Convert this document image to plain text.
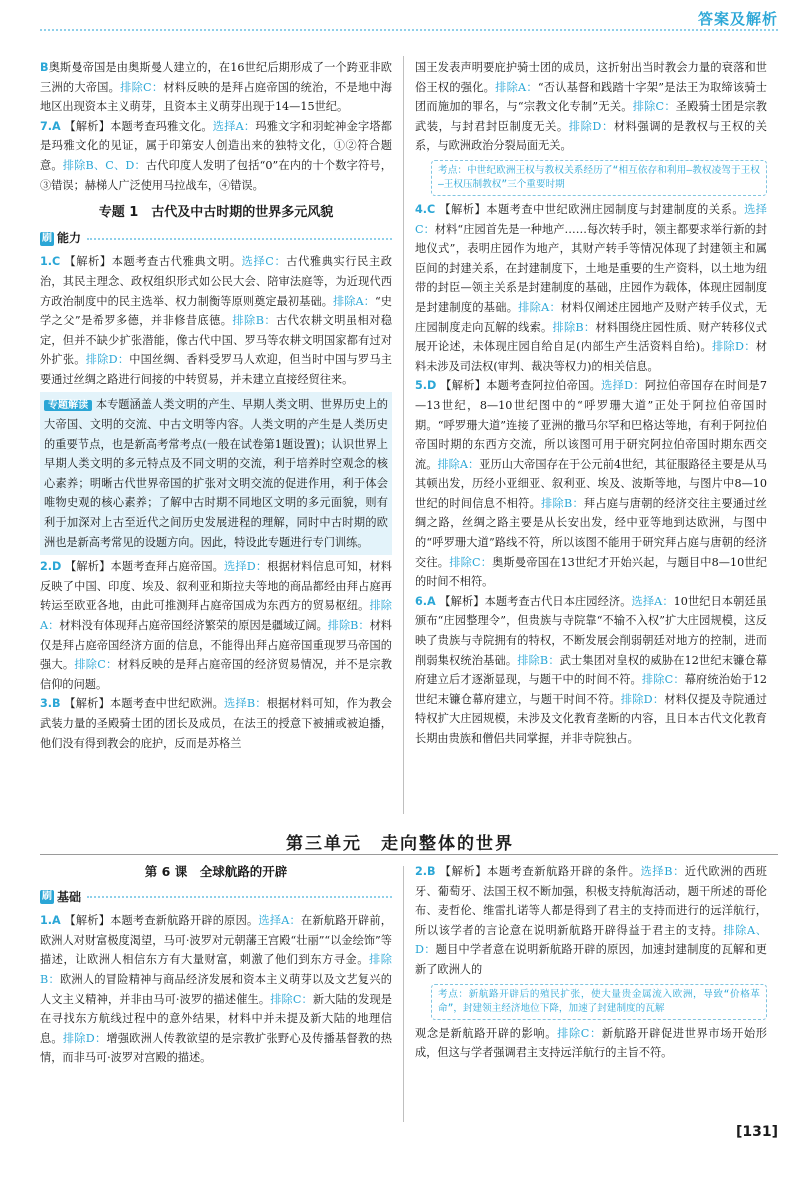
答案及解析

B奥斯曼帝国是由奥斯曼人建立的，在16世纪后期形成了一个跨亚非欧三洲的大帝国。排除C：材料反映的是拜占庭帝国的统治，不是地中海地区出现资本主义萌芽，且资本主义萌芽出现于14—15世纪。

7.A 【解析】本题考查玛雅文化。选择A：玛雅文字和羽蛇神金字塔都是玛雅文化的见证，属于印第安人创造出来的独特文化，①②符合题意。排除B、C、D：古代印度人发明了包括“0”在内的十个数字符号，③错误；赫梯人广泛使用马拉战车，④错误。

专题 1　古代及中古时期的世界多元风貌
刷 能力

1.C 【解析】本题考查古代雅典文明。选择C：古代雅典实行民主政治，其民主理念、政权组织形式如公民大会、陪审法庭等，为近现代西方政治制度中的民主选举、权力制衡等原则奠定最初基础。排除A：“史学之父”是希罗多德，并非修昔底德。排除B：古代农耕文明虽相对稳定，但并不缺少扩张潜能，像古代中国、罗马等农耕文明国家都有过对外扩张。排除D：中国丝绸、香料受罗马人欢迎，但当时中国与罗马主要通过丝绸之路进行间接的中转贸易，并未建立直接经贸往来。

专题解读 本专题涵盖人类文明的产生、早期人类文明、世界历史上的大帝国、文明的交流、中古文明等内容。人类文明的产生是人类历史的重要节点，也是新高考常考点(一般在试卷第1题设置)；认识世界上早期人类文明的多元特点及不同文明的交流，利于培养时空观念的核心素养；明晰古代世界帝国的扩张对文明交流的促进作用，利于体会唯物史观的核心素养；了解中古时期不同地区文明的多元面貌，则有利于加深对上古至近代之间历史发展进程的理解，同时中古时期的欧洲也是新高考常见的设题方向。因此，特设此专题进行专门训练。

2.D 【解析】本题考查拜占庭帝国。选择D：根据材料信息可知，材料反映了中国、印度、埃及、叙利亚和斯拉夫等地的商品都经由拜占庭再转运至欧亚各地，由此可推测拜占庭帝国成为东西方的贸易枢纽。排除A：材料没有体现拜占庭帝国经济繁荣的原因是疆域辽阔。排除B：材料仅是拜占庭帝国经济方面的信息，不能得出拜占庭帝国重现罗马帝国的强大。排除C：材料反映的是拜占庭帝国的经济贸易情况，并不是宗教信仰的问题。

3.B 【解析】本题考查中世纪欧洲。选择B：根据材料可知，作为教会武装力量的圣殿骑士团的团长及成员，在法王的授意下被捕或被迫播，他们没有得到教会的庇护，反而是苏格兰

国王发表声明要庇护骑士团的成员，这折射出当时教会力量的衰落和世俗王权的强化。排除A：“否认基督和践踏十字架”是法王为取缔该骑士团而施加的罪名，与“宗教文化专制”无关。排除C：圣殿骑士团是宗教武装，与封君封臣制度无关。排除D：材料强调的是教权与王权的关系，与欧洲政治分裂局面无关。

考点：中世纪欧洲王权与教权关系经历了“相互依存和利用—教权凌驾于王权—王权压制教权”三个重要时期

4.C 【解析】本题考查中世纪欧洲庄园制度与封建制度的关系。选择C：材料“庄园首先是一种地产……每次转手时，领主都要求举行新的封地仪式”，表明庄园作为地产，其财产转手等情况体现了封建领主和属臣间的封建关系，在封建制度下，土地是重要的生产资料，以土地为纽带的封臣—领主关系是封建制度的基础，庄园作为载体，体现庄园制度是封建制度的基础。排除A：材料仅阐述庄园地产及财产转手仪式，无庄园制度走向瓦解的线索。排除B：材料围绕庄园性质、财产转移仪式展开论述，未体现庄园自给自足(内部生产生活资料自给)。排除D：材料未涉及司法权(审判、裁决等权力)的相关信息。

5.D 【解析】本题考查阿拉伯帝国。选择D：阿拉伯帝国存在时间是7—13世纪，8—10世纪图中的“呼罗珊大道”正处于阿拉伯帝国时期。“呼罗珊大道”连接了亚洲的撒马尔罕和巴格达等地，有利于阿拉伯帝国时期的东西方交流，所以该图可用于研究阿拉伯帝国时期东西交流。排除A：亚历山大帝国存在于公元前4世纪，其征服路径主要是从马其顿出发，历经小亚细亚、叙利亚、埃及、波斯等地，与图片中8—10世纪的时间信息不相符。排除B：拜占庭与唐朝的经济交往主要通过丝绸之路，丝绸之路主要是从长安出发，经中亚等地到达欧洲，与图中的“呼罗珊大道”路线不符，所以该图不能用于研究拜占庭与唐朝的经济交往。排除C：奥斯曼帝国在13世纪才开始兴起，与题目中8—10世纪的时间不相符。

6.A 【解析】本题考查古代日本庄园经济。选择A：10世纪日本朝廷虽颁布“庄园整理令”，但贵族与寺院靠“不输不入权”扩大庄园规模，这反映了贵族与寺院拥有的特权，不断发展会削弱朝廷对地方的控制，进而削弱集权统治基础。排除B：武士集团对皇权的威胁在12世纪末镰仓幕府建立后才逐渐显现，与题干中的时间不符。排除C：幕府统治始于12世纪末镰仓幕府建立，与题干时间不符。排除D：材料仅提及寺院通过特权扩大庄园规模，未涉及文化教育垄断的内容，且日本古代文化教育长期由贵族和僧侣共同掌握，并非寺院独占。

第三单元　走向整体的世界
第 6 课　全球航路的开辟
刷 基础

1.A 【解析】本题考查新航路开辟的原因。选择A：在新航路开辟前，欧洲人对财富极度渴望，马可·波罗对元朝藩王宫殿“壮丽”“以金绘饰”等描述，让欧洲人相信东方有大量财富，刺激了他们到东方寻金。排除B：欧洲人的冒险精神与商品经济发展和资本主义萌芽以及文艺复兴的人文主义精神，并非由马可·波罗的描述催生。排除C：新大陆的发现是在寻找东方航线过程中的意外结果，材料中并未提及新大陆的地理信息。排除D：增强欧洲人传教欲望的是宗教扩张野心及传播基督教的热情，而非马可·波罗对宫殿的描述。

2.B 【解析】本题考查新航路开辟的条件。选择B：近代欧洲的西班牙、葡萄牙、法国王权不断加强，积极支持航海活动，题干所述的哥伦布、麦哲伦、维雷扎诺等人都是得到了君主的支持而进行的远洋航行，所以该学者的言论意在说明新航路开辟得益于君主的支持。排除A、D：题目中学者意在说明新航路开辟的原因，加速封建制度的瓦解和更新了欧洲人的

考点：新航路开辟后的殖民扩张，使大量贵金属流入欧洲，导致“价格革命”，封建领主经济地位下降，加速了封建制度的瓦解

观念是新航路开辟的影响。排除C：新航路开辟促进世界市场开始形成，但这与学者强调君主支持远洋航行的主旨不符。

[131]
